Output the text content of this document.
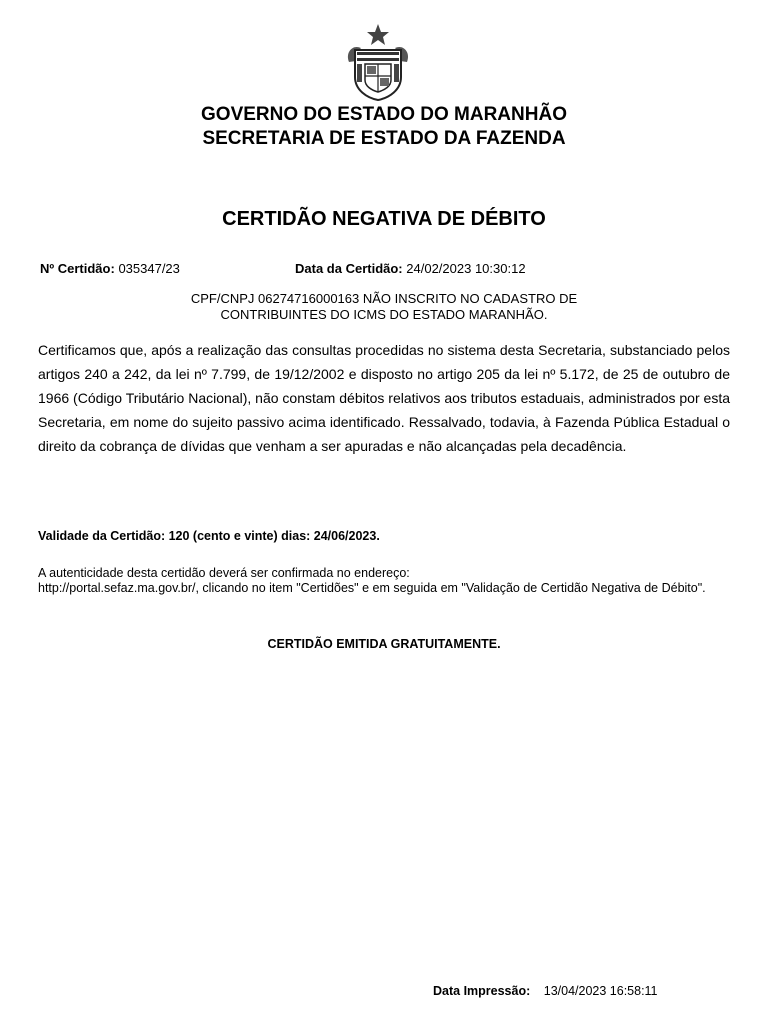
GOVERNO DO ESTADO DO MARANHÃO
SECRETARIA DE ESTADO DA FAZENDA
CERTIDÃO NEGATIVA DE DÉBITO
Nº Certidão: 035347/23	Data da Certidão: 24/02/2023 10:30:12
CPF/CNPJ 06274716000163 NÃO INSCRITO NO CADASTRO DE
CONTRIBUINTES DO ICMS DO ESTADO MARANHÃO.
Certificamos que, após a realização das consultas procedidas no sistema desta Secretaria, substanciado pelos artigos 240 a 242, da lei nº 7.799, de 19/12/2002 e disposto no artigo 205 da lei nº 5.172, de 25 de outubro de 1966 (Código Tributário Nacional), não constam débitos relativos aos tributos estaduais, administrados por esta Secretaria, em nome do sujeito passivo acima identificado. Ressalvado, todavia, à Fazenda Pública Estadual o direito da cobrança de dívidas que venham a ser apuradas e não alcançadas pela decadência.
Validade da Certidão: 120 (cento e vinte) dias: 24/06/2023.
A autenticidade desta certidão deverá ser confirmada no endereço:
http://portal.sefaz.ma.gov.br/, clicando no item "Certidões" e em seguida em "Validação de Certidão Negativa de Débito".
CERTIDÃO EMITIDA GRATUITAMENTE.
Data Impressão: 13/04/2023 16:58:11
